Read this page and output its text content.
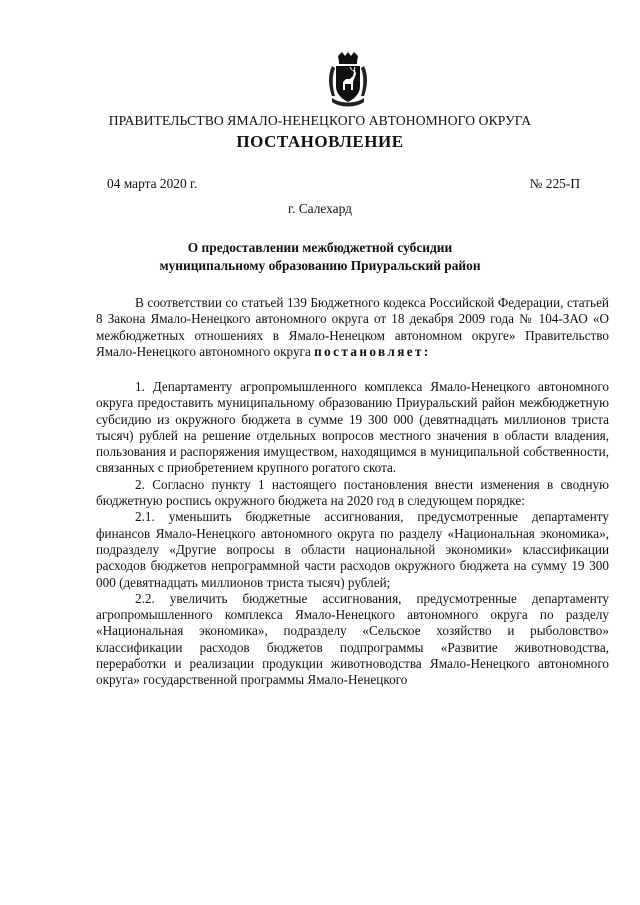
ПРАВИТЕЛЬСТВО ЯМАЛО-НЕНЕЦКОГО АВТОНОМНОГО ОКРУГА
ПОСТАНОВЛЕНИЕ
04 марта 2020 г.	№ 225-П
г. Салехард
О предоставлении межбюджетной субсидии
муниципальному образованию Приуральский район

В соответствии со статьей 139 Бюджетного кодекса Российской Федерации, статьей 8 Закона Ямало-Ненецкого автономного округа от 18 декабря 2009 года № 104-ЗАО «О межбюджетных отношениях в Ямало-Ненецком автономном округе» Правительство Ямало-Ненецкого автономного округа постановляет:

1. Департаменту агропромышленного комплекса Ямало-Ненецкого автономного округа предоставить муниципальному образованию Приуральский район межбюджетную субсидию из окружного бюджета в сумме 19 300 000 (девятнадцать миллионов триста тысяч) рублей на решение отдельных вопросов местного значения в области владения, пользования и распоряжения имуществом, находящимся в муниципальной собственности, связанных с приобретением крупного рогатого скота.

2. Согласно пункту 1 настоящего постановления внести изменения в сводную бюджетную роспись окружного бюджета на 2020 год в следующем порядке:

2.1. уменьшить бюджетные ассигнования, предусмотренные департаменту финансов Ямало-Ненецкого автономного округа по разделу «Национальная экономика», подразделу «Другие вопросы в области национальной экономики» классификации расходов бюджетов непрограммной части расходов окружного бюджета на сумму 19 300 000 (девятнадцать миллионов триста тысяч) рублей;

2.2. увеличить бюджетные ассигнования, предусмотренные департаменту агропромышленного комплекса Ямало-Ненецкого автономного округа по разделу «Национальная экономика», подразделу «Сельское хозяйство и рыболовство» классификации расходов бюджетов подпрограммы «Развитие животноводства, переработки и реализации продукции животноводства Ямало-Ненецкого автономного округа» государственной программы Ямало-Ненецкого
